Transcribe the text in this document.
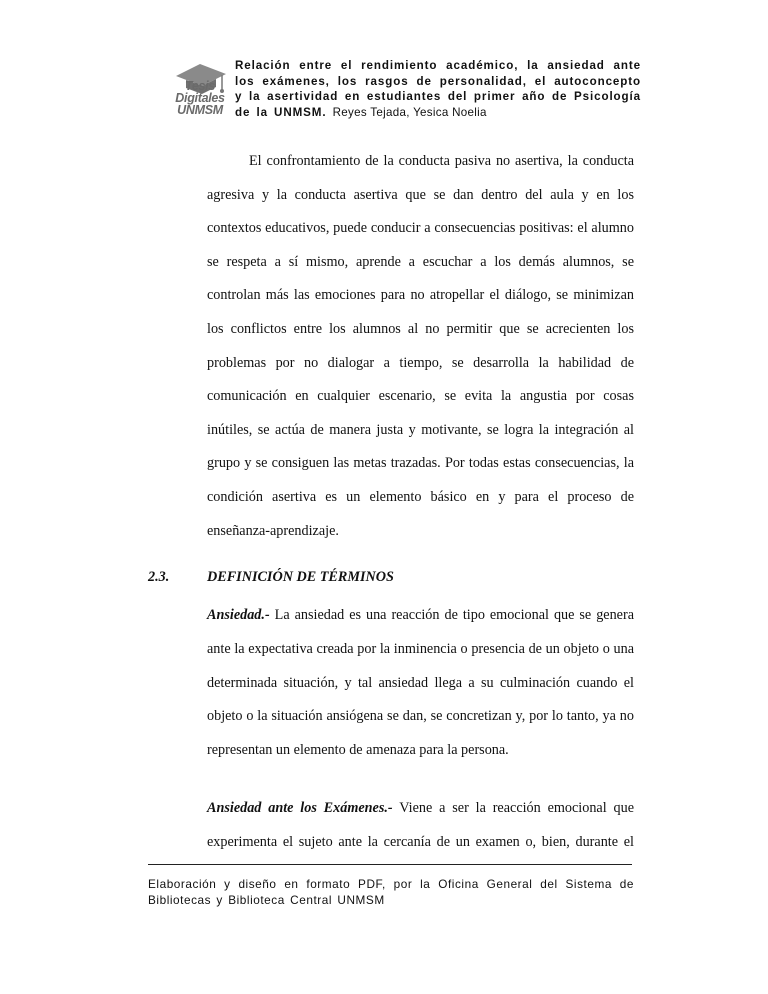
Tesis
Digitales
UNMSM
Relación entre el rendimiento académico, la ansiedad ante los exámenes, los rasgos de personalidad, el autoconcepto y la asertividad en estudiantes del primer año de Psicología de la UNMSM. Reyes Tejada, Yesica Noelia

El confrontamiento de la conducta pasiva no asertiva, la conducta agresiva y la conducta asertiva que se dan dentro del aula y en los contextos educativos, puede conducir a consecuencias positivas: el alumno se respeta a sí mismo, aprende a escuchar a los demás alumnos, se controlan más las emociones para no atropellar el diálogo, se minimizan los conflictos entre los alumnos al no permitir que se acrecienten los problemas por no dialogar a tiempo, se desarrolla la habilidad de comunicación en cualquier escenario, se evita la angustia por cosas inútiles, se actúa de manera justa y motivante, se logra la integración al grupo y se consiguen las metas trazadas. Por todas estas consecuencias, la condición asertiva es un elemento básico en y para el proceso de enseñanza-aprendizaje.

2.3.	DEFINICIÓN DE TÉRMINOS

Ansiedad.- La ansiedad es una reacción de tipo emocional que se genera ante la expectativa creada por la inminencia o presencia de un objeto o una determinada situación, y tal ansiedad llega a su culminación cuando el objeto o la situación ansiógena se dan, se concretizan y, por lo tanto, ya no representan un elemento de amenaza para la persona.

Ansiedad ante los Exámenes.- Viene a ser la reacción emocional que experimenta el sujeto ante la cercanía de un examen o, bien, durante el

Elaboración y diseño en formato PDF, por la Oficina General del Sistema de
Bibliotecas y Biblioteca Central UNMSM
